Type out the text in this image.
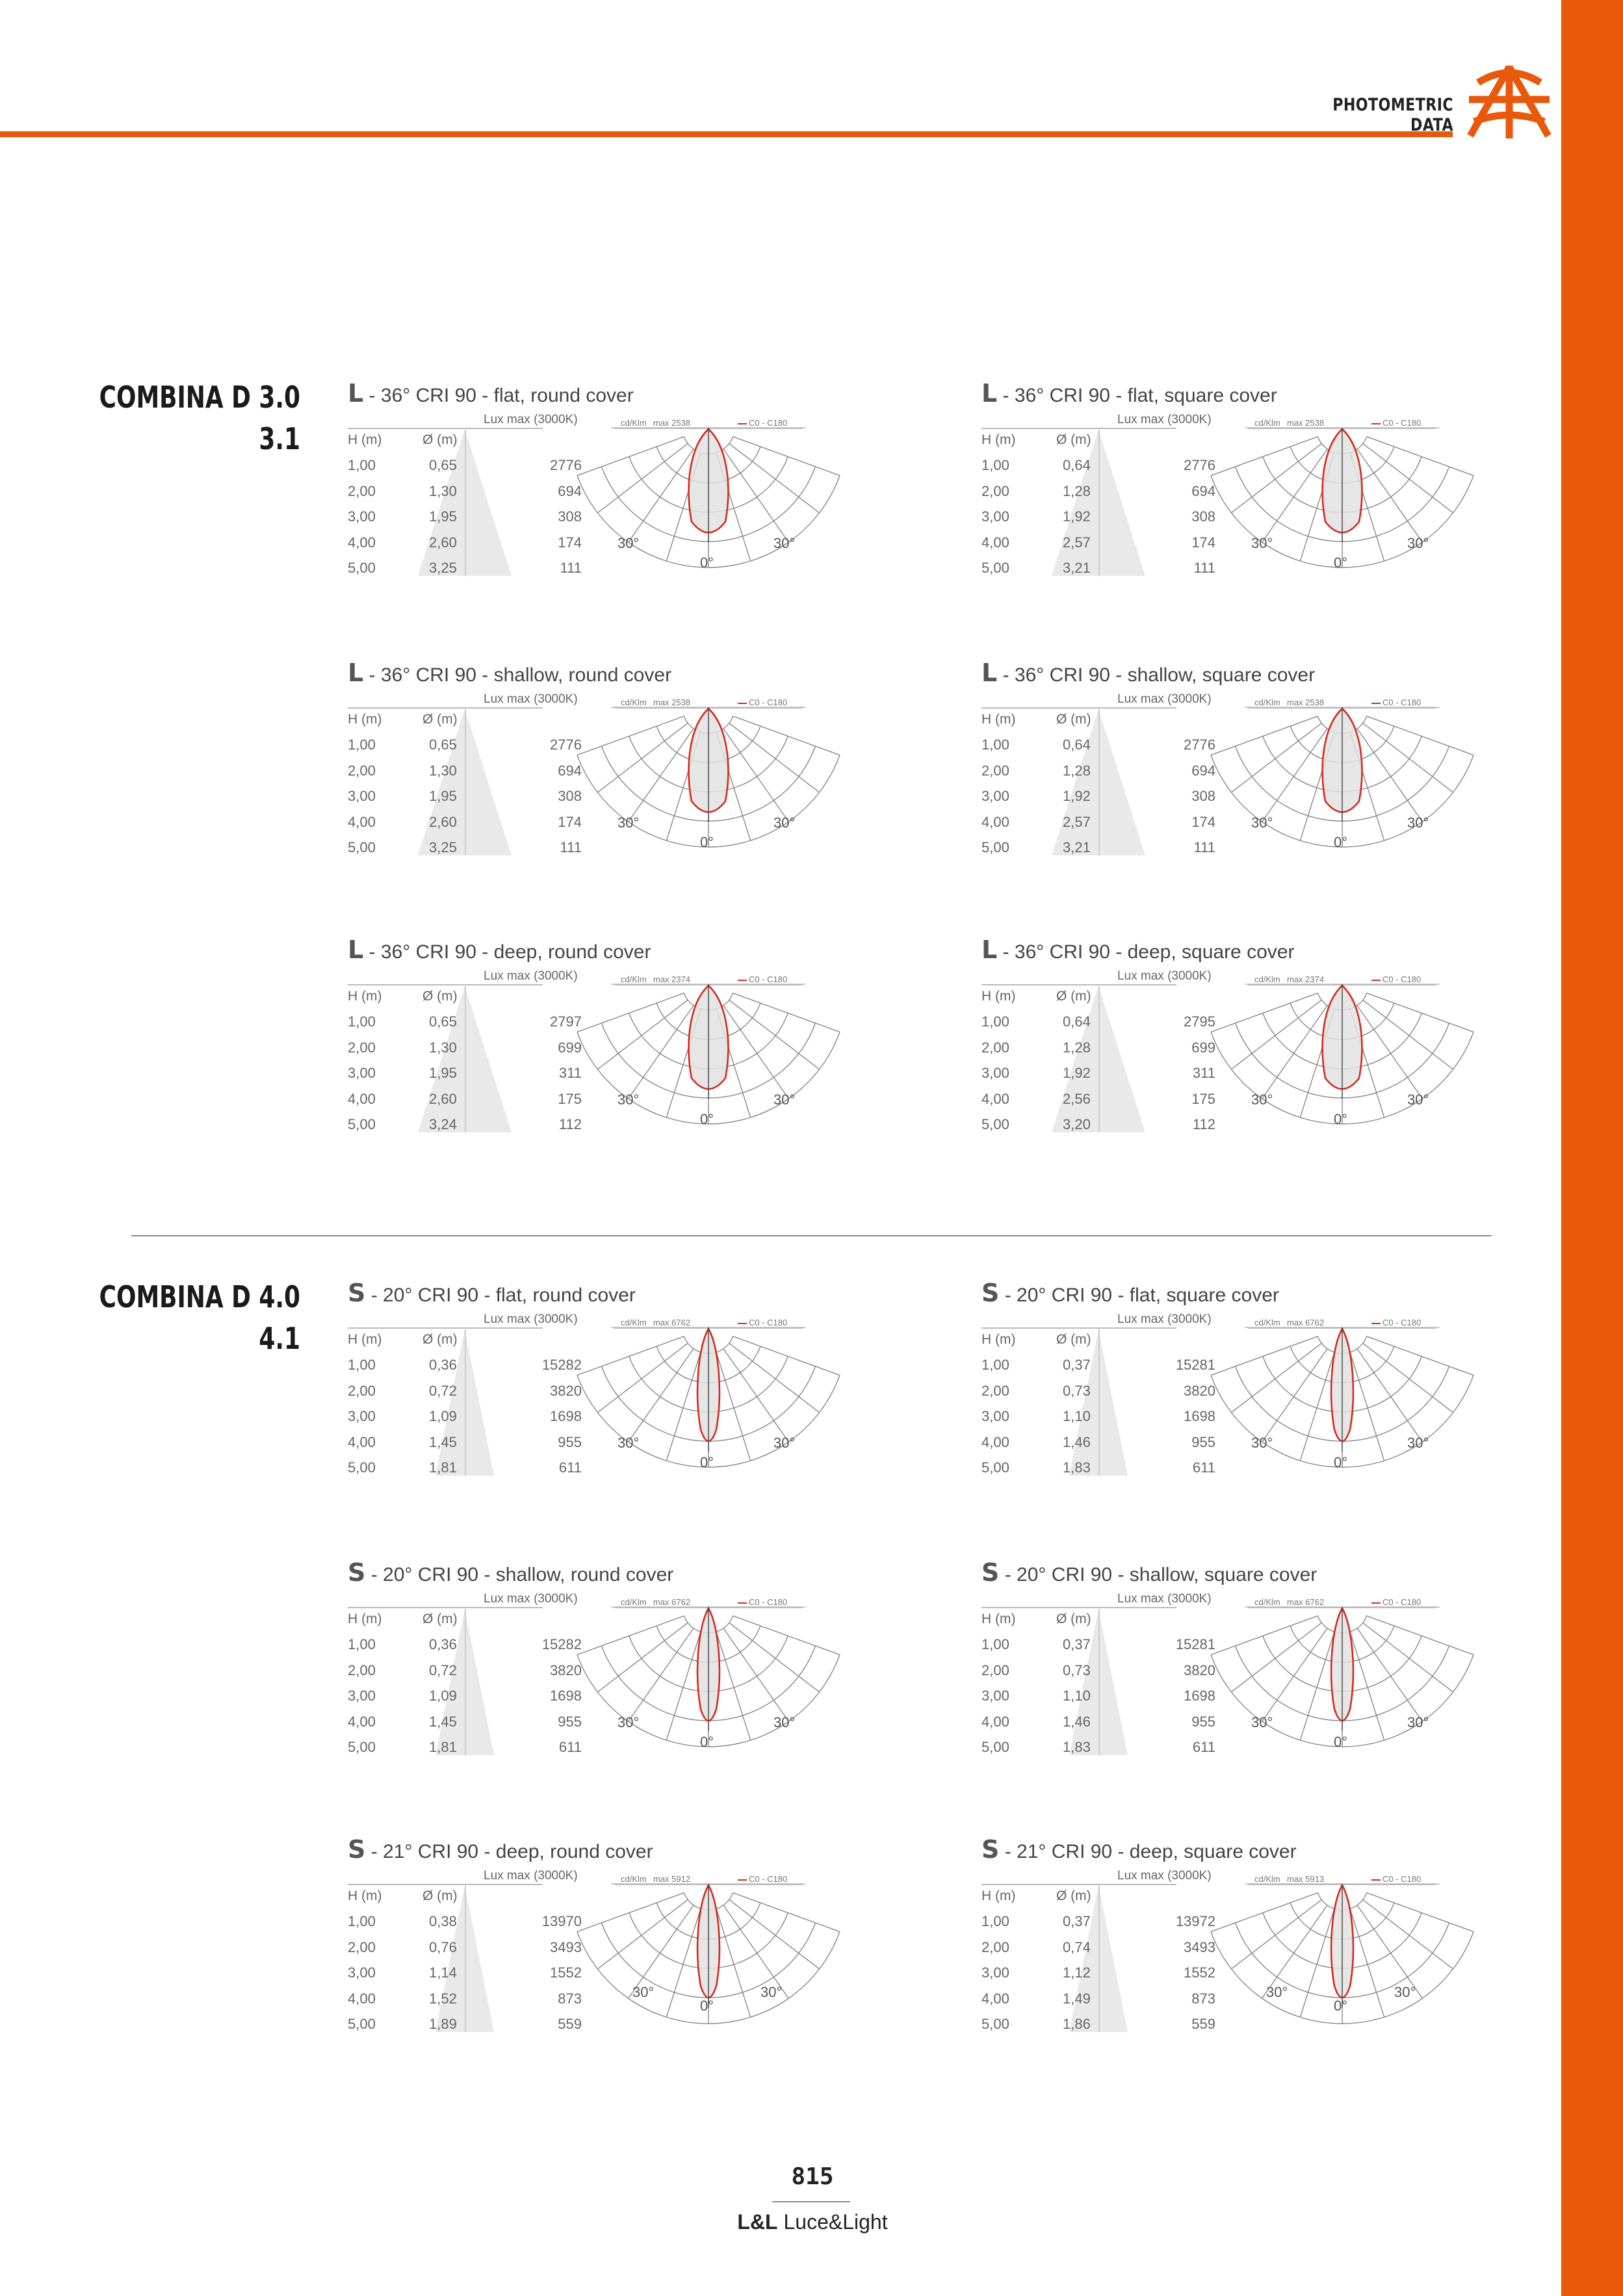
PHOTOMETRIC DATA
COMBINA D 3.0
3.1
L - 36° CRI 90 - flat, round cover
Lux max (3000K)	cd/Klm max 2538	C0 - C180
H (m)	Ø (m)
1,00	0,65	2776
2,00	1,30	694
3,00	1,95	308
4,00	2,60	174
5,00	3,25	111
30°	30°
0°
L - 36° CRI 90 - flat, square cover
Lux max (3000K)	cd/Klm max 2538	C0 - C180
H (m)	Ø (m)
1,00	0,64	2776
2,00	1,28	694
3,00	1,92	308
4,00	2,57	174
5,00	3,21	111
30°	30°
0°
L - 36° CRI 90 - shallow, round cover
Lux max (3000K)	cd/Klm max 2538	C0 - C180
H (m)	Ø (m)
1,00	0,65	2776
2,00	1,30	694
3,00	1,95	308
4,00	2,60	174
5,00	3,25	111
30°	30°
0°
L - 36° CRI 90 - shallow, square cover
Lux max (3000K)	cd/Klm max 2538	C0 - C180
H (m)	Ø (m)
1,00	0,64	2776
2,00	1,28	694
3,00	1,92	308
4,00	2,57	174
5,00	3,21	111
30°	30°
0°
L - 36° CRI 90 - deep, round cover
Lux max (3000K)	cd/Klm max 2374	C0 - C180
H (m)	Ø (m)
1,00	0,65	2797
2,00	1,30	699
3,00	1,95	311
4,00	2,60	175
5,00	3,24	112
30°	30°
0°
L - 36° CRI 90 - deep, square cover
Lux max (3000K)	cd/Klm max 2374	C0 - C180
H (m)	Ø (m)
1,00	0,64	2795
2,00	1,28	699
3,00	1,92	311
4,00	2,56	175
5,00	3,20	112
30°	30°
0°
COMBINA D 4.0
4.1
S - 20° CRI 90 - flat, round cover
Lux max (3000K)	cd/Klm max 6762	C0 - C180
H (m)	Ø (m)
1,00	0,36	15282
2,00	0,72	3820
3,00	1,09	1698
4,00	1,45	955
5,00	1,81	611
30°	30°
0°
S - 20° CRI 90 - flat, square cover
Lux max (3000K)	cd/Klm max 6762	C0 - C180
H (m)	Ø (m)
1,00	0,37	15281
2,00	0,73	3820
3,00	1,10	1698
4,00	1,46	955
5,00	1,83	611
30°	30°
0°
S - 20° CRI 90 - shallow, round cover
Lux max (3000K)	cd/Klm max 6762	C0 - C180
H (m)	Ø (m)
1,00	0,36	15282
2,00	0,72	3820
3,00	1,09	1698
4,00	1,45	955
5,00	1,81	611
30°	30°
0°
S - 20° CRI 90 - shallow, square cover
Lux max (3000K)	cd/Klm max 6762	C0 - C180
H (m)	Ø (m)
1,00	0,37	15281
2,00	0,73	3820
3,00	1,10	1698
4,00	1,46	955
5,00	1,83	611
30°	30°
0°
S - 21° CRI 90 - deep, round cover
Lux max (3000K)	cd/Klm max 5912	C0 - C180
H (m)	Ø (m)
1,00	0,38	13970
2,00	0,76	3493
3,00	1,14	1552
4,00	1,52	873
5,00	1,89	559
30°	30°
0°
S - 21° CRI 90 - deep, square cover
Lux max (3000K)	cd/Klm max 5913	C0 - C180
H (m)	Ø (m)
1,00	0,37	13972
2,00	0,74	3493
3,00	1,12	1552
4,00	1,49	873
5,00	1,86	559
30°	30°
0°
815
L&L Luce&Light
